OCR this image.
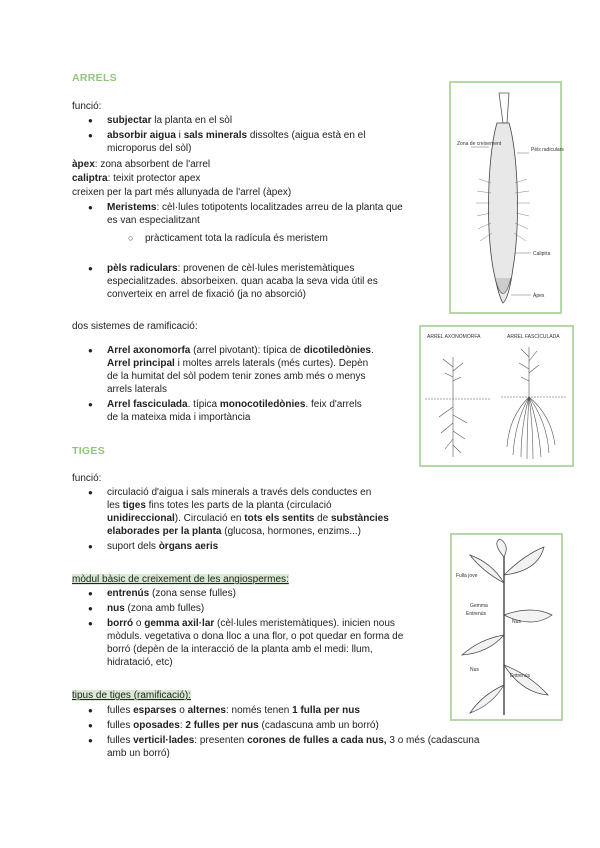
ARRELS
funció:
● subjectar la planta en el sòl
● absorbir aigua i sals minerals dissoltes (aigua està en el
microporus del sòl)
àpex: zona absorbent de l'arrel
caliptra: teixit protector apex
creixen per la part més allunyada de l'arrel (àpex)
● Meristems: cèl·lules totipotents localitzades arreu de la planta que
es van especialitzant
○ pràcticament tota la radícula és meristem
● pèls radiculars: provenen de cèl·lules meristemàtiques
especialitzades. absorbeixen. quan acaba la seva vida útil es
converteix en arrel de fixació (ja no absorció)
dos sistemes de ramificació:
● Arrel axonomorfa (arrel pivotant): típica de dicotiledònies.
Arrel principal i moltes arrels laterals (més curtes). Depèn
de la humitat del sòl podem tenir zones amb més o menys
arrels laterals
● Arrel fasciculada. típica monocotiledònies. feix d'arrels
de la mateixa mida i importància
TIGES
funció:
● circulació d'aigua i sals minerals a través dels conductes en
les tiges fins totes les parts de la planta (circulació
unidireccional). Circulació en tots els sentits de substàncies
elaborades per la planta (glucosa, hormones, enzims...)
● suport dels òrgans aeris
mòdul bàsic de creixement de les angiospermes:
● entrenús (zona sense fulles)
● nus (zona amb fulles)
● borró o gemma axil·lar (cèl·lules meristemàtiques). inicien nous
mòduls. vegetativa o dona lloc a una flor, o pot quedar en forma de
borró (depèn de la interacció de la planta amb el medi: llum,
hidratació, etc)
tipus de tiges (ramificació):
● fulles esparses o alternes: només tenen 1 fulla per nus
● fulles oposades: 2 fulles per nus (cadascuna amb un borró)
● fulles verticil·lades: presenten corones de fulles a cada nus, 3 o més (cadascuna
amb un borró)
Pèls radiculars
Zona de creixement
Caliptra
Àpex
ARREL AXONOMORFA	ARREL FASCICULADA
Fulla jove
Gemma
Entrenús
Nus
Nus
Entrenús
